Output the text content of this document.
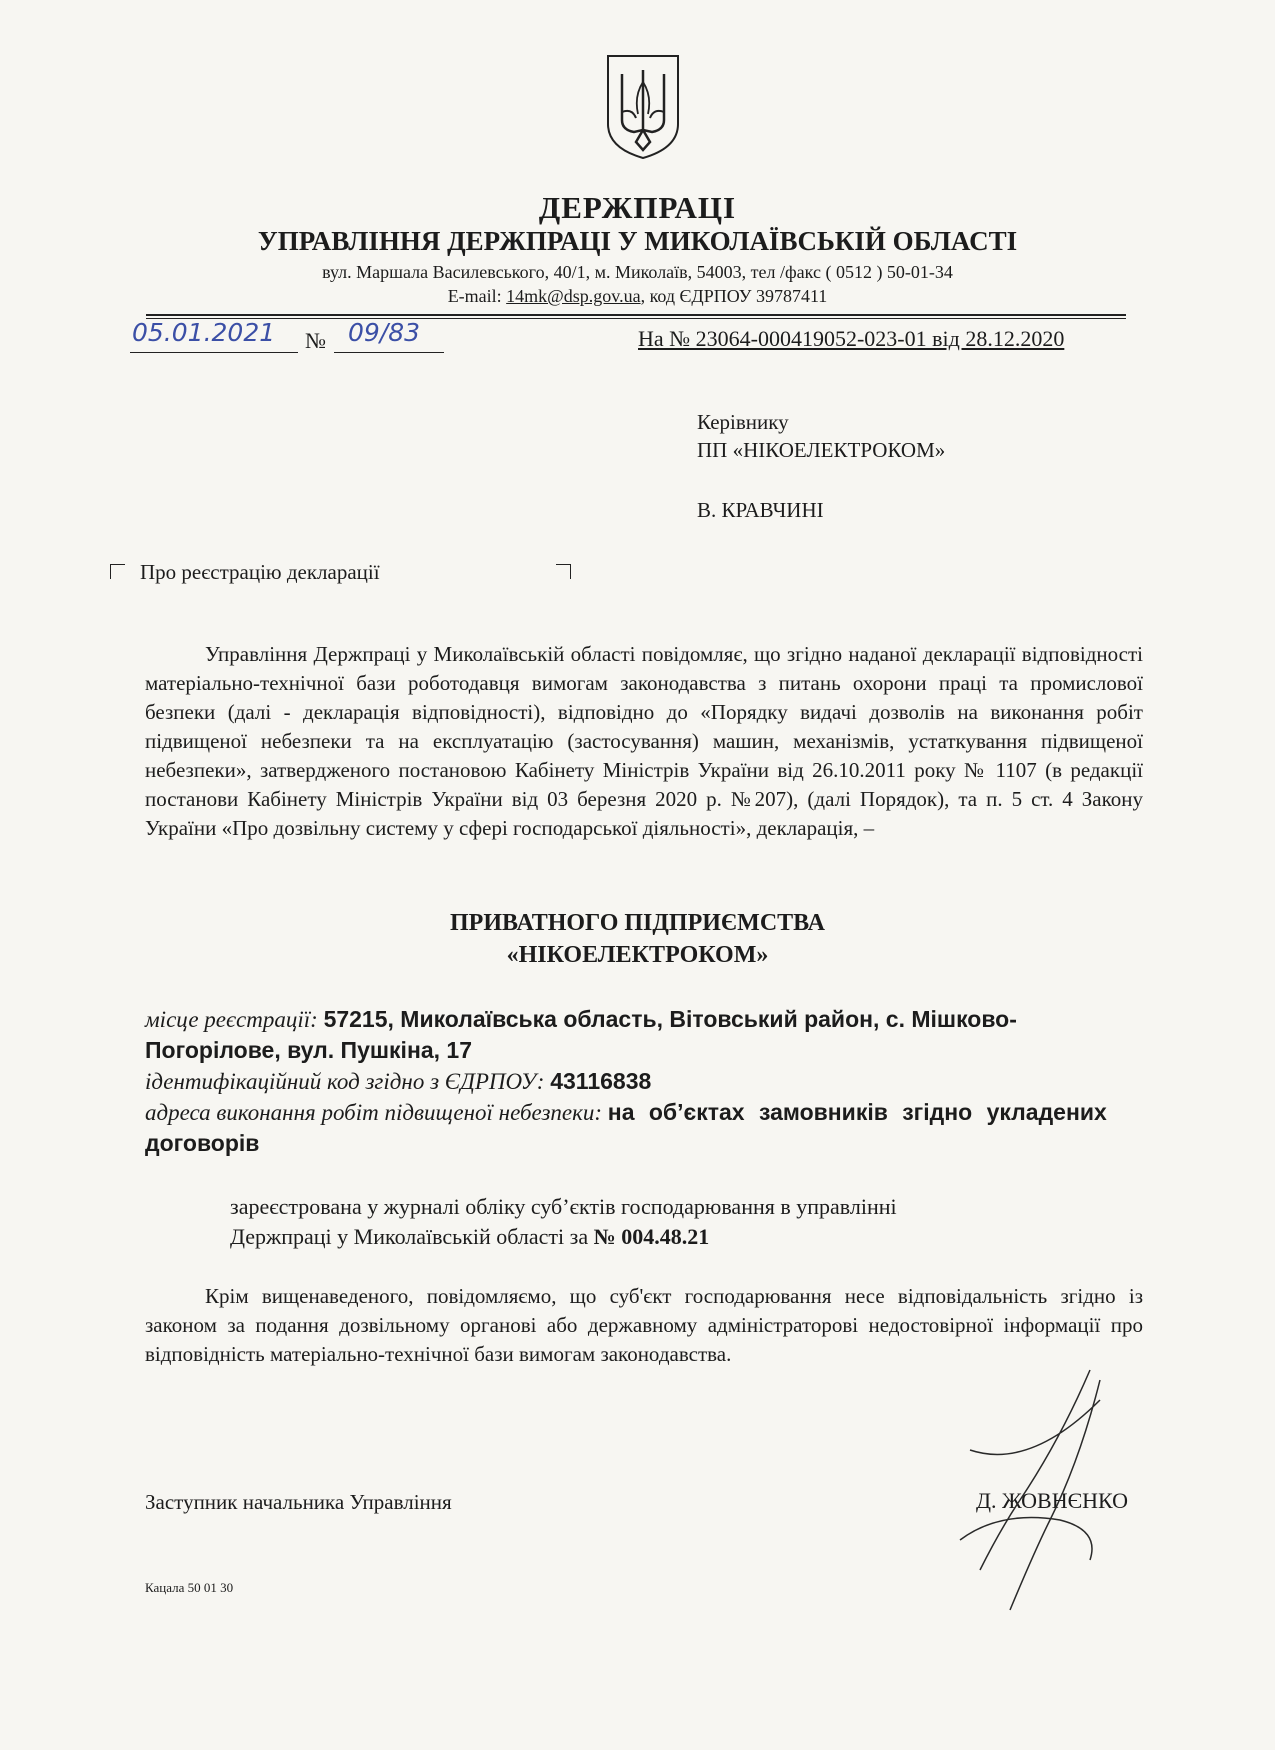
ДЕРЖПРАЦІ
УПРАВЛІННЯ ДЕРЖПРАЦІ У МИКОЛАЇВСЬКІЙ ОБЛАСТІ
вул. Маршала Василевського, 40/1, м. Миколаїв, 54003, тел /факс ( 0512 ) 50-01-34
E-mail: 14mk@dsp.gov.ua, код ЄДРПОУ 39787411
05.01.2021 № 09/83	На № 23064-000419052-023-01 від 28.12.2020
Керівнику
ПП «НІКОЕЛЕКТРОКОМ»
В. КРАВЧИНІ
Про реєстрацію декларації
Управління Держпраці у Миколаївській області повідомляє, що згідно наданої декларації відповідності матеріально-технічної бази роботодавця вимогам законодавства з питань охорони праці та промислової безпеки (далі - декларація відповідності), відповідно до «Порядку видачі дозволів на виконання робіт підвищеної небезпеки та на експлуатацію (застосування) машин, механізмів, устаткування підвищеної небезпеки», затвердженого постановою Кабінету Міністрів України від 26.10.2011 року № 1107 (в редакції постанови Кабінету Міністрів України від 03 березня 2020 р. №207), (далі Порядок), та п. 5 ст. 4 Закону України «Про дозвільну систему у сфері господарської діяльності», декларація, –
ПРИВАТНОГО ПІДПРИЄМСТВА
«НІКОЕЛЕКТРОКОМ»
місце реєстрації: 57215, Миколаївська область, Вітовський район, с. Мішково-Погорілове, вул. Пушкіна, 17
ідентифікаційний код згідно з ЄДРПОУ: 43116838
адреса виконання робіт підвищеної небезпеки: на об’єктах замовників згідно укладених договорів
зареєстрована у журналі обліку суб’єктів господарювання в управлінні
Держпраці у Миколаївській області за № 004.48.21
Крім вищенаведеного, повідомляємо, що суб'єкт господарювання несе відповідальність згідно із законом за подання дозвільному органові або державному адміністраторові недостовірної інформації про відповідність матеріально-технічної бази вимогам законодавства.
Заступник начальника Управління	Д. ЖОВНЄНКО
Кацала 50 01 30
